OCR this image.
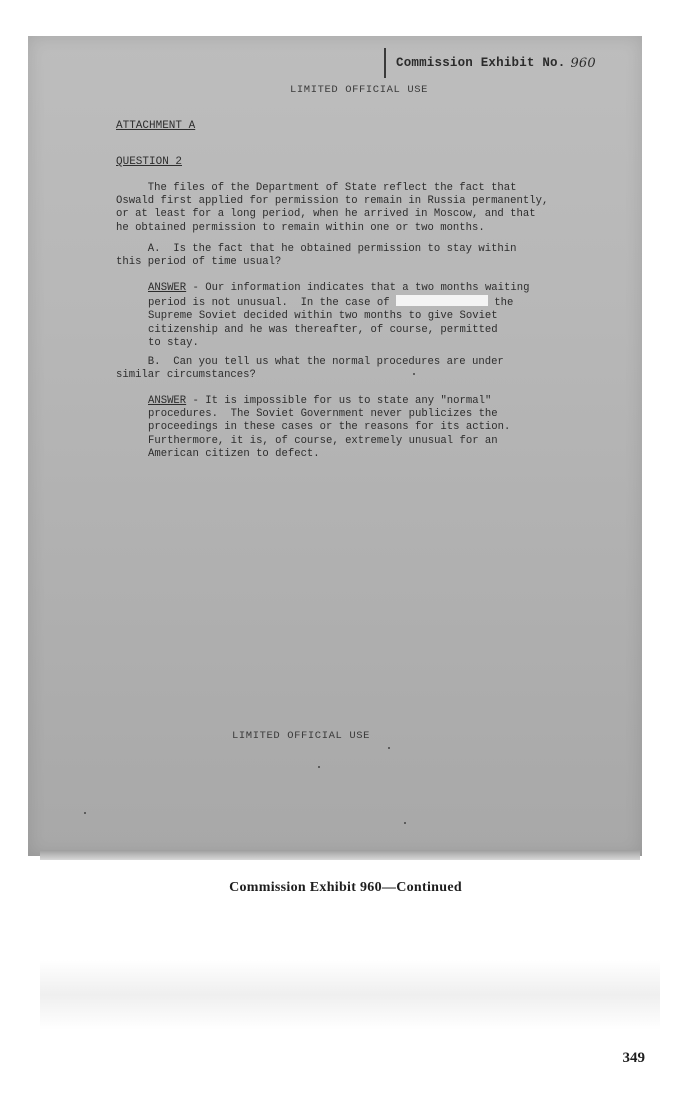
Commission Exhibit No. 960
LIMITED OFFICIAL USE
ATTACHMENT A
QUESTION 2

The files of the Department of State reflect the fact that
Oswald first applied for permission to remain in Russia permanently,
or at least for a long period, when he arrived in Moscow, and that
he obtained permission to remain within one or two months.

A.  Is the fact that he obtained permission to stay within
this period of time usual?

ANSWER - Our information indicates that a two months waiting
period is not unusual.  In the case of	the
Supreme Soviet decided within two months to give Soviet
citizenship and he was thereafter, of course, permitted
to stay.

B.  Can you tell us what the normal procedures are under
similar circumstances?

ANSWER - It is impossible for us to state any "normal"
procedures.  The Soviet Government never publicizes the
proceedings in these cases or the reasons for its action.
Furthermore, it is, of course, extremely unusual for an
American citizen to defect.

LIMITED OFFICIAL USE
Commission Exhibit 960—Continued
349
